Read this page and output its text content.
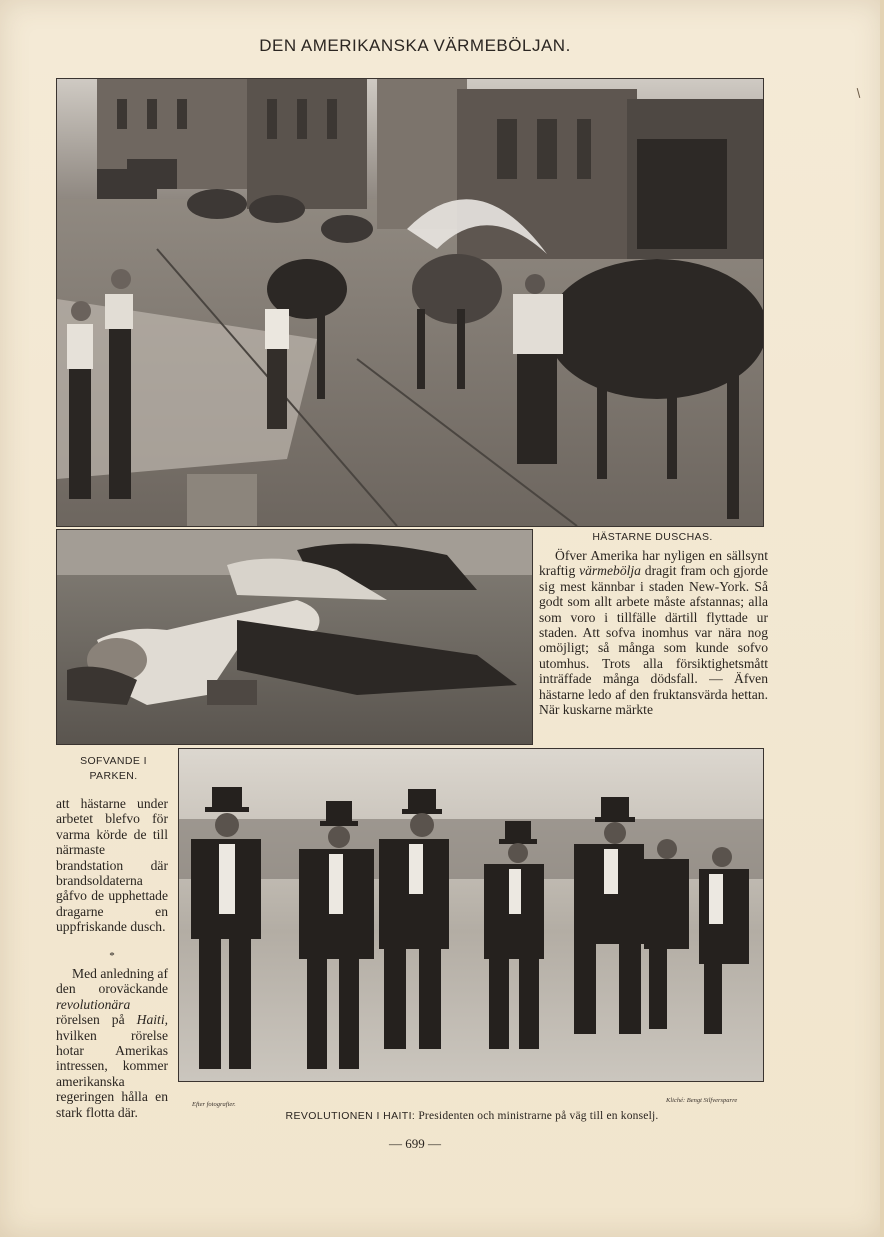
DEN AMERIKANSKA VÄRMEBÖLJAN.
HÄSTARNE DUSCHAS.
Öfver Amerika har nyligen en sällsynt kraftig värmebölja dragit fram och gjorde sig mest kännbar i staden New-York. Så godt som allt arbete måste afstannas; alla som voro i tillfälle därtill flyttade ur staden. Att sofva inomhus var nära nog omöjligt; så många som kunde sofvo utomhus. Trots alla försiktighetsmått inträffade många dödsfall. — Äfven hästarne ledo af den fruktansvärda hettan. När kuskarne märkte
SOFVANDE I PARKEN.
att hästarne under arbetet blefvo för varma körde de till närmaste brandstation där brandsoldaterna gåfvo de upphettade dragarne en uppfriskande dusch.
*
Med anledning af den oroväckande revolutionära rörelsen på Haiti, hvilken rörelse hotar Amerikas intressen, kommer amerikanska regeringen hålla en stark flotta där.
Efter fotografier.
Kliché: Bengt Silfversparre
REVOLUTIONEN I HAITI: Presidenten och ministrarne på väg till en konselj.
— 699 —
